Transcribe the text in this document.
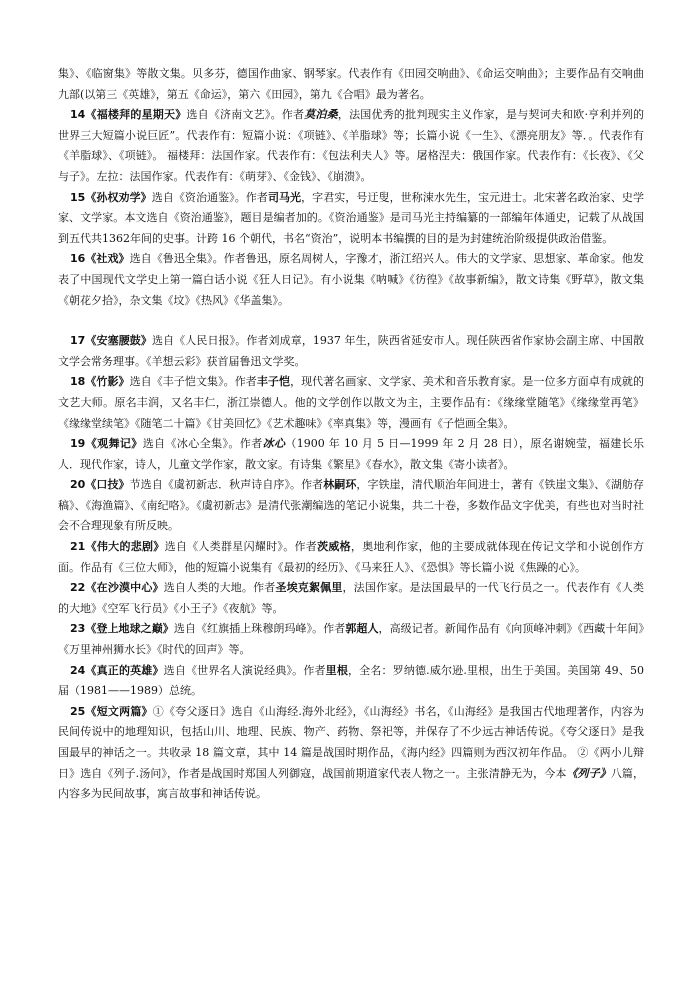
集》、《临窗集》等散文集。贝多芬，德国作曲家、钢琴家。代表作有《田园交响曲》、《命运交响曲》；主要作品有交响曲九部(以第三《英雄》，第五《命运》，第六《田园》，第九《合唱》最为著名。

14《福楼拜的星期天》选自《济南文艺》。作者莫泊桑，法国优秀的批判现实主义作家，是与契诃夫和欧·亨利并列的世界三大短篇小说巨匠”。代表作有：短篇小说：《项链》、《羊脂球》等；长篇小说《一生》、《漂亮朋友》等．。代表作有《羊脂球》、《项链》。 福楼拜：法国作家。代表作有：《包法利夫人》等。屠格涅夫：俄国作家。代表作有：《长夜》、《父与子》。左拉：法国作家。代表作有：《萌芽》、《金钱》、《崩溃》。

15《孙权劝学》选自《资治通鉴》。作者司马光，字君实，号迂叟，世称涑水先生，宝元进士。北宋著名政治家、史学家、文学家。本文选自《资治通鉴》，题目是编者加的。《资治通鉴》是司马光主持编纂的一部编年体通史，记载了从战国到五代共1362年间的史事。计跨 16 个朝代，书名“资治”，说明本书编撰的目的是为封建统治阶级提供政治借鉴。

16《社戏》选自《鲁迅全集》。作者鲁迅，原名周树人，字豫才，浙江绍兴人。伟大的文学家、思想家、革命家。他发表了中国现代文学史上第一篇白话小说《狂人日记》。有小说集《呐喊》《彷徨》《故事新编》，散文诗集《野草》，散文集《朝花夕拾》，杂文集《坟》《热风》《华盖集》。

17《安塞腰鼓》选自《人民日报》。作者刘成章，1937 年生，陕西省延安市人。现任陕西省作家协会副主席、中国散文学会常务理事。《羊想云彩》获首届鲁迅文学奖。

18《竹影》选自《丰子恺文集》。作者丰子恺，现代著名画家、文学家、美术和音乐教育家。是一位多方面卓有成就的文艺大师。原名丰润，又名丰仁，浙江崇德人。他的文学创作以散文为主，主要作品有：《缘缘堂随笔》《缘缘堂再笔》《缘缘堂续笔》《随笔二十篇》《甘美回忆》《艺术趣味》《率真集》等，漫画有《子恺画全集》。

19《观舞记》选自《冰心全集》。作者冰心（1900 年 10 月 5 日—1999 年 2 月 28 日），原名谢婉莹，福建长乐人．现代作家，诗人，儿童文学作家，散文家。有诗集《繁星》《春水》，散文集《寄小读者》。

20《口技》节选自《虞初新志．秋声诗自序》。作者林嗣环，字铁崖，清代顺治年间进士，著有《铁崖文集》、《湖舫存稿》、《海渔篇》、《南纪咯》。《虞初新志》是清代张潮编选的笔记小说集，共二十卷，多数作品文字优美，有些也对当时社会不合理现象有所反映。

21《伟大的悲剧》选自《人类群星闪耀时》。作者茨威格，奥地利作家，他的主要成就体现在传记文学和小说创作方面。作品有《三位大师》，他的短篇小说集有《最初的经历》、《马来狂人》、《恐惧》等长篇小说《焦躁的心》。

22《在沙漠中心》选自人类的大地。作者圣埃克絮佩里，法国作家。是法国最早的一代飞行员之一。代表作有《人类的大地》《空军飞行员》《小王子》《夜航》等。

23《登上地球之巅》选自《红旗插上珠穆朗玛峰》。作者郭超人，高级记者。新闻作品有《向顶峰冲刺》《西藏十年间》《万里神州狮水长》《时代的回声》等。

24《真正的英雄》选自《世界名人演说经典》。作者里根，全名：罗纳德.威尔逊.里根，出生于美国。美国第 49、50 届（1981——1989）总统。

25《短文两篇》①《夸父逐日》选自《山海经.海外北经》，《山海经》书名，《山海经》是我国古代地理著作，内容为民间传说中的地理知识，包括山川、地理、民族、物产、药物、祭祀等，并保存了不少远古神话传说。《夸父逐日》是我国最早的神话之一。共收录 18 篇文章，其中 14 篇是战国时期作品，《海内经》四篇则为西汉初年作品。 ②《两小儿辩日》选自《列子.汤问》，作者是战国时郑国人列御寇，战国前期道家代表人物之一。主张清静无为，今本《列子》八篇，内容多为民间故事，寓言故事和神话传说。
